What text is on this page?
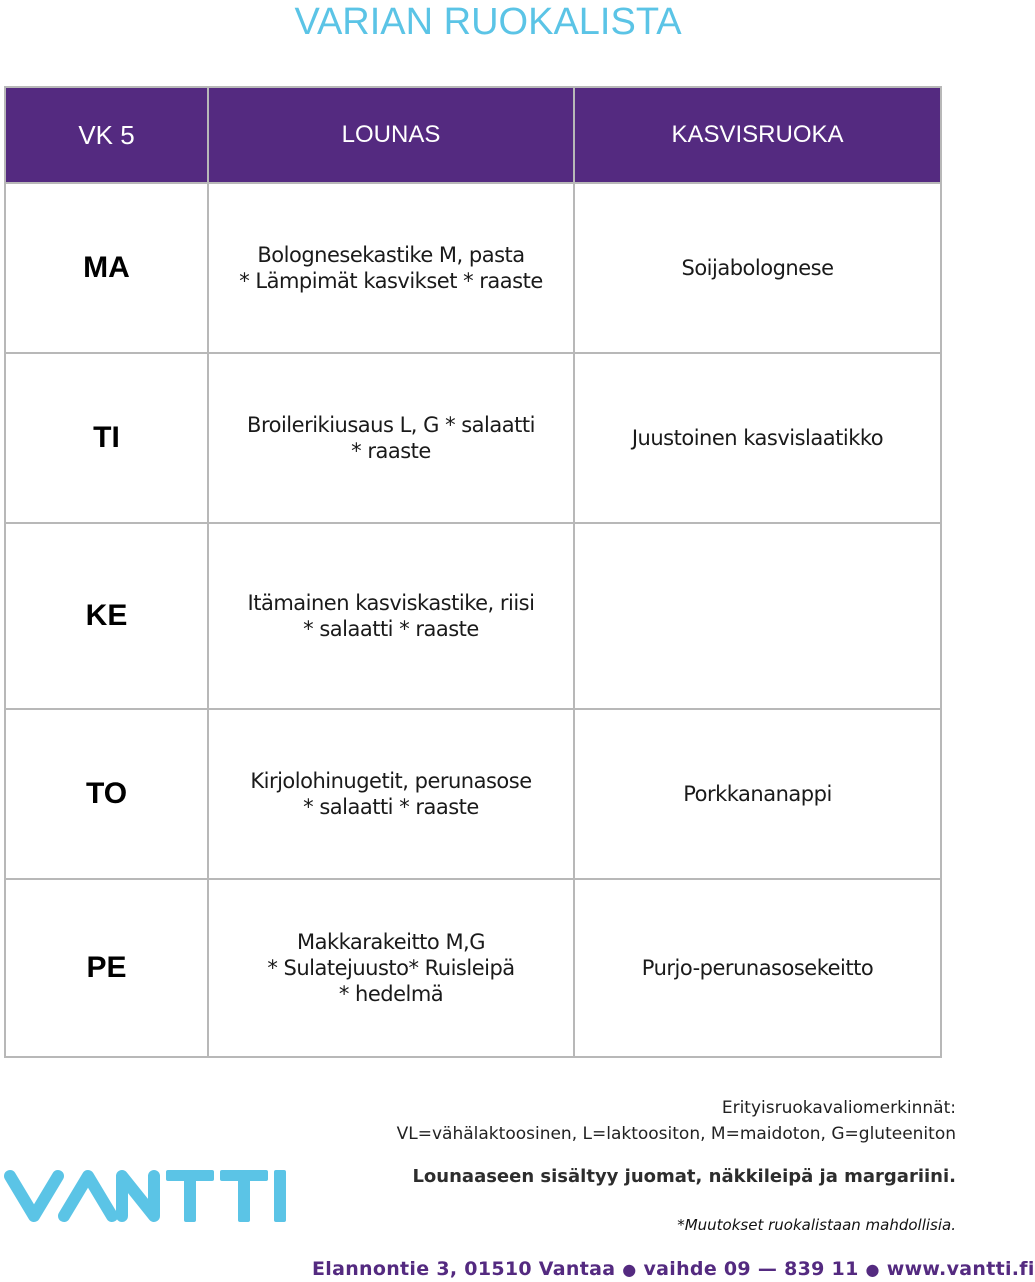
VARIAN RUOKALISTA
VK 5	LOUNAS	KASVISRUOKA
MA	Bolognesekastike M, pasta
* Lämpimät kasvikset * raaste	Soijabolognese
TI	Broilerikiusaus L, G * salaatti
* raaste	Juustoinen kasvislaatikko
KE	Itämainen kasviskastike, riisi
* salaatti * raaste	

TO	Kirjolohinugetit, perunasose
* salaatti * raaste	Porkkananappi
PE	Makkarakeitto M,G
* Sulatejuusto* Ruisleipä
* hedelmä	Purjo-perunasosekeitto
Erityisruokavaliomerkinnät:
VL=vähälaktoosinen, L=laktoositon, M=maidoton, G=gluteeniton
Lounaaseen sisältyy juomat, näkkileipä ja margariini.
*Muutokset ruokalistaan mahdollisia.
Elannontie 3, 01510 Vantaa ● vaihde 09 — 839 11 ● www.vantti.fi
